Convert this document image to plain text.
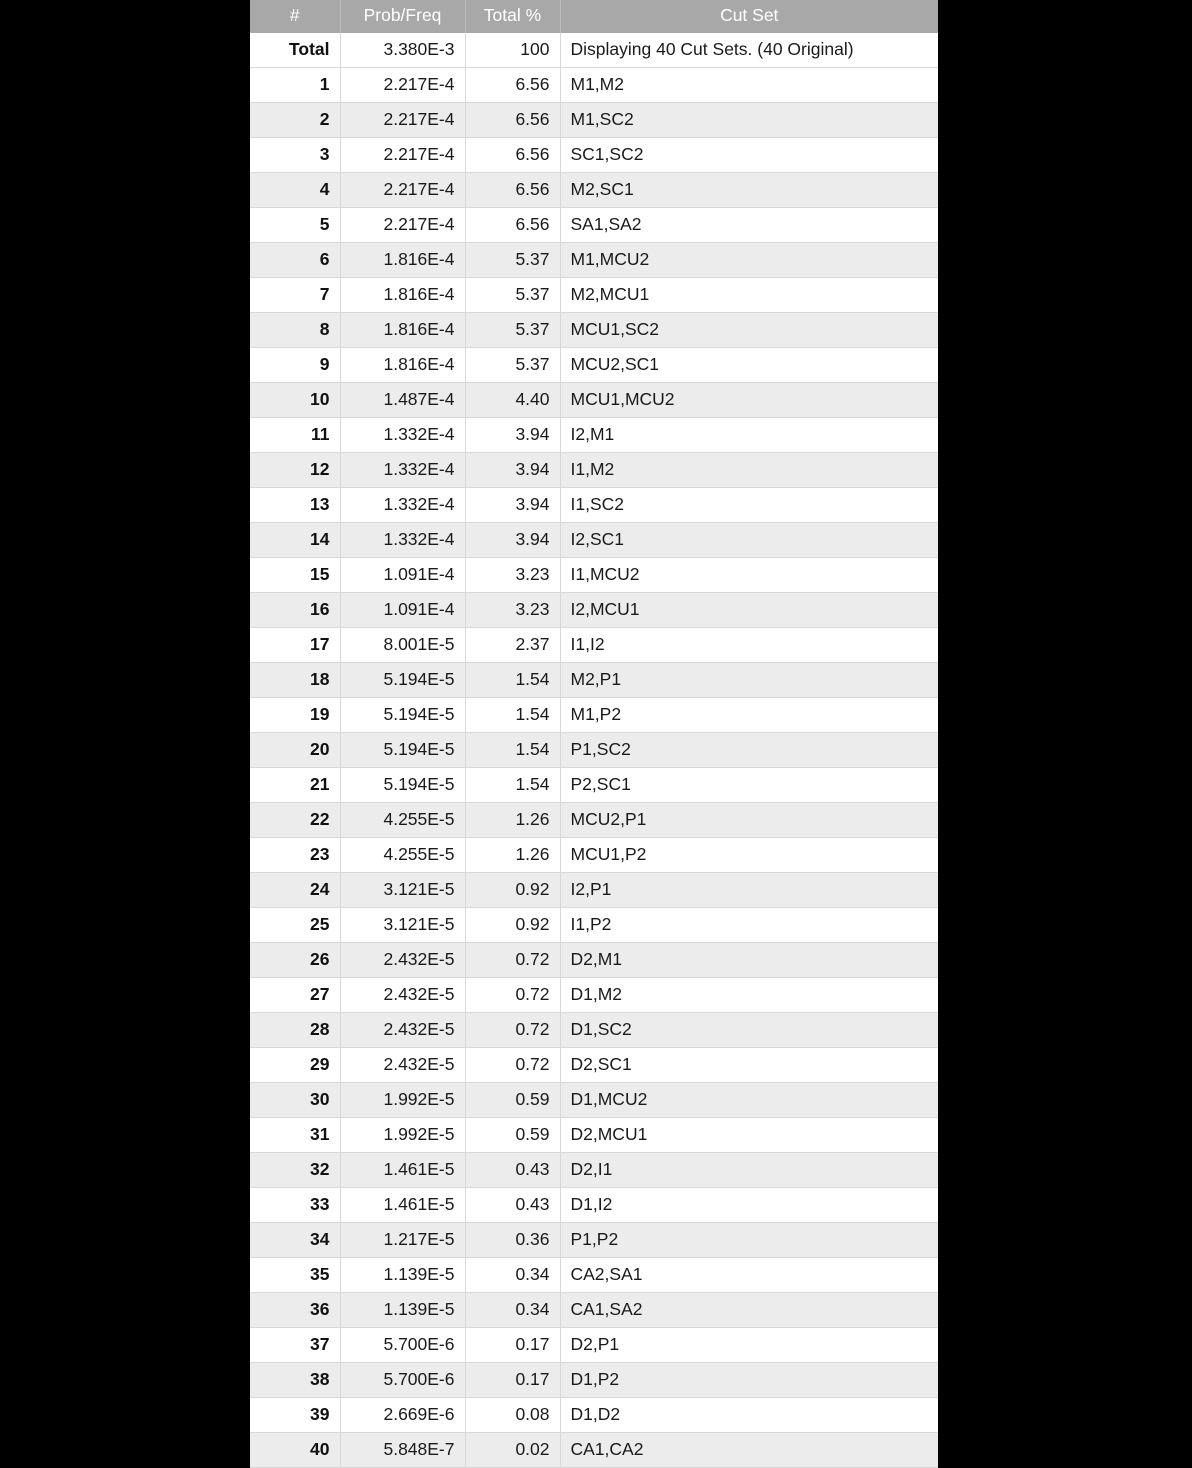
#	Prob/Freq	Total %	Cut Set
Total	3.380E-3	100	Displaying 40 Cut Sets. (40 Original)
1	2.217E-4	6.56	M1,M2
2	2.217E-4	6.56	M1,SC2
3	2.217E-4	6.56	SC1,SC2
4	2.217E-4	6.56	M2,SC1
5	2.217E-4	6.56	SA1,SA2
6	1.816E-4	5.37	M1,MCU2
7	1.816E-4	5.37	M2,MCU1
8	1.816E-4	5.37	MCU1,SC2
9	1.816E-4	5.37	MCU2,SC1
10	1.487E-4	4.40	MCU1,MCU2
11	1.332E-4	3.94	I2,M1
12	1.332E-4	3.94	I1,M2
13	1.332E-4	3.94	I1,SC2
14	1.332E-4	3.94	I2,SC1
15	1.091E-4	3.23	I1,MCU2
16	1.091E-4	3.23	I2,MCU1
17	8.001E-5	2.37	I1,I2
18	5.194E-5	1.54	M2,P1
19	5.194E-5	1.54	M1,P2
20	5.194E-5	1.54	P1,SC2
21	5.194E-5	1.54	P2,SC1
22	4.255E-5	1.26	MCU2,P1
23	4.255E-5	1.26	MCU1,P2
24	3.121E-5	0.92	I2,P1
25	3.121E-5	0.92	I1,P2
26	2.432E-5	0.72	D2,M1
27	2.432E-5	0.72	D1,M2
28	2.432E-5	0.72	D1,SC2
29	2.432E-5	0.72	D2,SC1
30	1.992E-5	0.59	D1,MCU2
31	1.992E-5	0.59	D2,MCU1
32	1.461E-5	0.43	D2,I1
33	1.461E-5	0.43	D1,I2
34	1.217E-5	0.36	P1,P2
35	1.139E-5	0.34	CA2,SA1
36	1.139E-5	0.34	CA1,SA2
37	5.700E-6	0.17	D2,P1
38	5.700E-6	0.17	D1,P2
39	2.669E-6	0.08	D1,D2
40	5.848E-7	0.02	CA1,CA2
